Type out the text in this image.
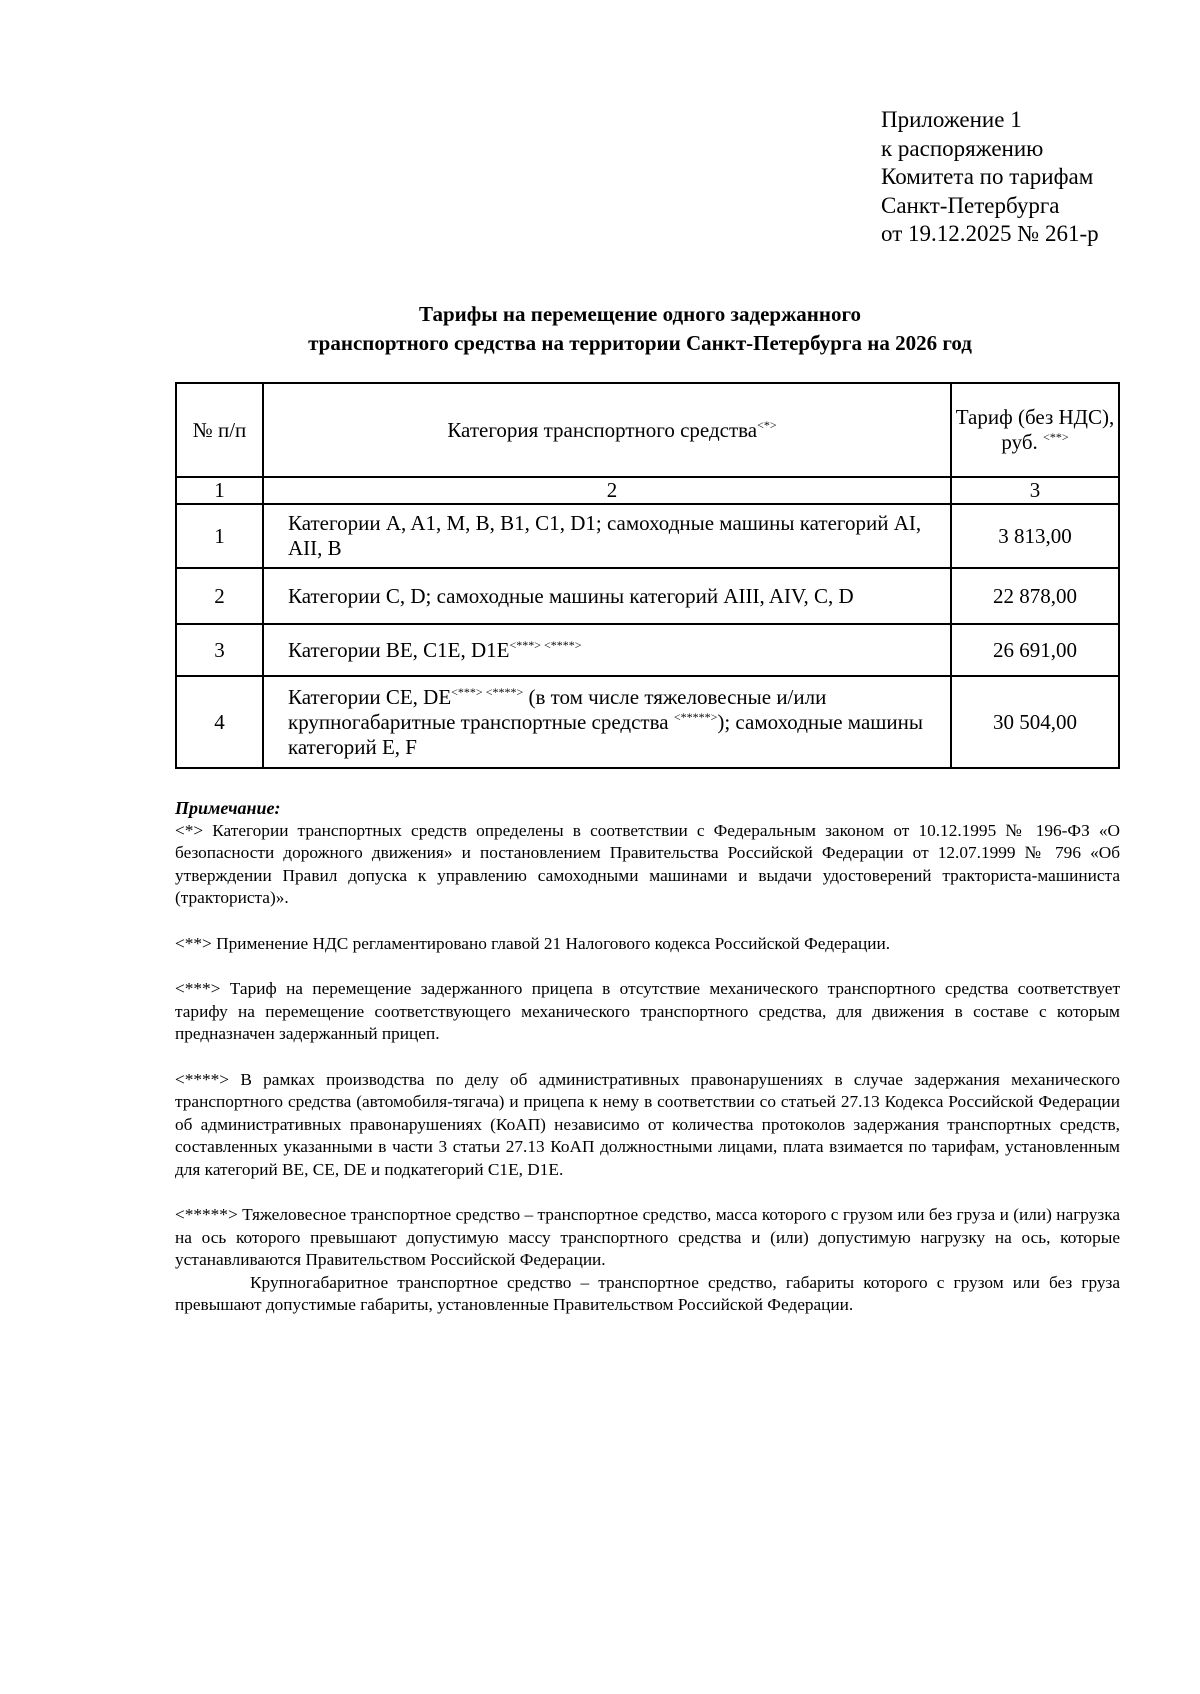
Приложение 1
к распоряжению
Комитета по тарифам
Санкт-Петербурга
от 19.12.2025 № 261-р
Тарифы на перемещение одного задержанного
транспортного средства на территории Санкт-Петербурга на 2026 год
№ п/п	Категория транспортного средства<*>	Тариф (без НДС),
руб. <**>

1	2	3
1	Категории A, A1, M, B, B1, C1, D1; самоходные машины категорий AI, AII, B	3 813,00
2	Категории C, D; самоходные машины категорий AIII, AIV, C, D	22 878,00
3	Категории BE, C1E, D1E<***> <****>	26 691,00
4	Категории CE, DE<***> <****> (в том числе тяжеловесные и/или крупногабаритные транспортные средства <*****>); самоходные машины категорий E, F	30 504,00

Примечание:

<*> Категории транспортных средств определены в соответствии с Федеральным законом от 10.12.1995 № 196-ФЗ «О безопасности дорожного движения» и постановлением Правительства Российской Федерации от 12.07.1999 № 796 «Об утверждении Правил допуска к управлению самоходными машинами и выдачи удостоверений тракториста-машиниста (тракториста)».

<**> Применение НДС регламентировано главой 21 Налогового кодекса Российской Федерации.

<***> Тариф на перемещение задержанного прицепа в отсутствие механического транспортного средства соответствует тарифу на перемещение соответствующего механического транспортного средства, для движения в составе с которым предназначен задержанный прицеп.

<****> В рамках производства по делу об административных правонарушениях в случае задержания механического транспортного средства (автомобиля-тягача) и прицепа к нему в соответствии со статьей 27.13 Кодекса Российской Федерации об административных правонарушениях (КоАП) независимо от количества протоколов задержания транспортных средств, составленных указанными в части 3 статьи 27.13 КоАП должностными лицами, плата взимается по тарифам, установленным для категорий BE, CE, DE и подкатегорий C1E, D1E.

<*****> Тяжеловесное транспортное средство – транспортное средство, масса которого с грузом или без груза и (или) нагрузка на ось которого превышают допустимую массу транспортного средства и (или) допустимую нагрузку на ось, которые устанавливаются Правительством Российской Федерации.

Крупногабаритное транспортное средство – транспортное средство, габариты которого с грузом или без груза превышают допустимые габариты, установленные Правительством Российской Федерации.
